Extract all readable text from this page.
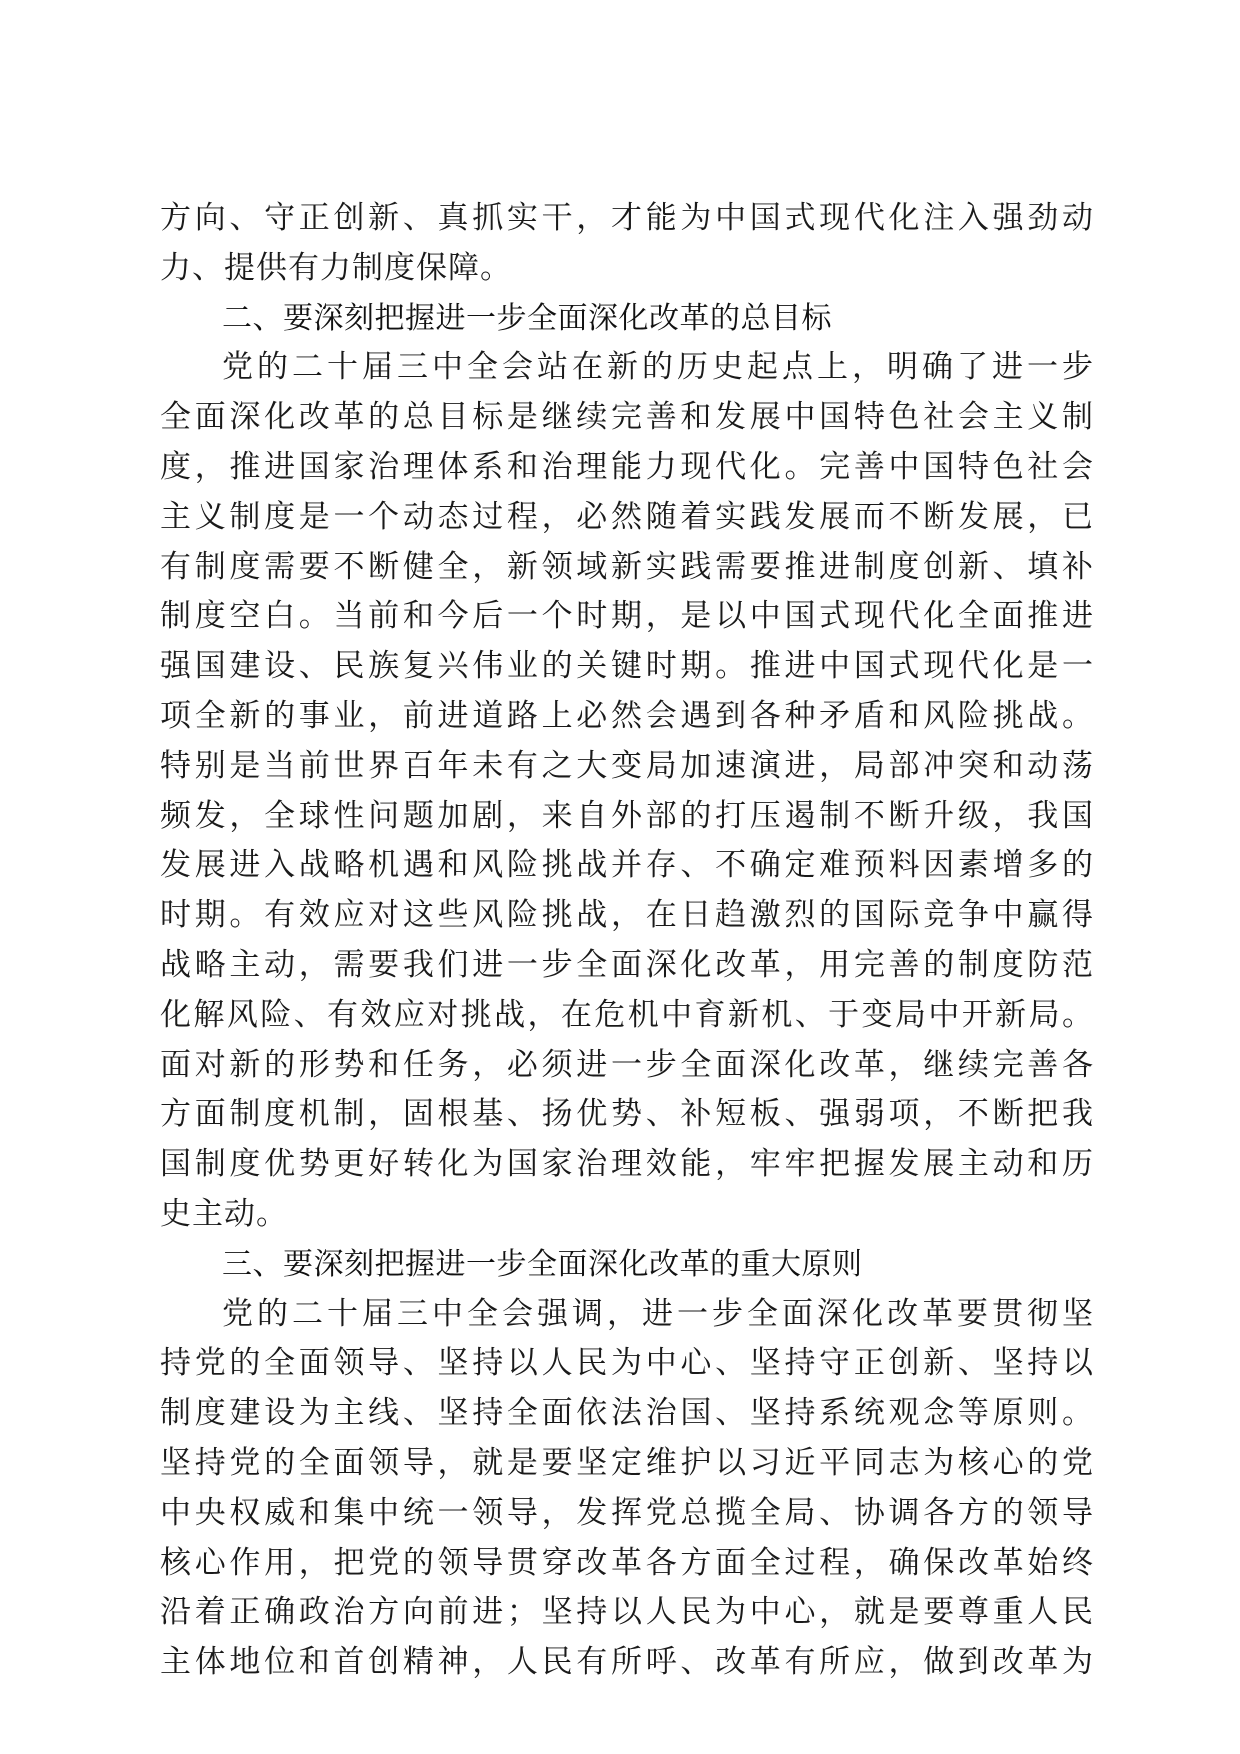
方向、守正创新、真抓实干，才能为中国式现代化注入强劲动
力、提供有力制度保障。
二、要深刻把握进一步全面深化改革的总目标
党的二十届三中全会站在新的历史起点上，明确了进一步
全面深化改革的总目标是继续完善和发展中国特色社会主义制
度，推进国家治理体系和治理能力现代化。完善中国特色社会
主义制度是一个动态过程，必然随着实践发展而不断发展，已
有制度需要不断健全，新领域新实践需要推进制度创新、填补
制度空白。当前和今后一个时期，是以中国式现代化全面推进
强国建设、民族复兴伟业的关键时期。推进中国式现代化是一
项全新的事业，前进道路上必然会遇到各种矛盾和风险挑战。
特别是当前世界百年未有之大变局加速演进，局部冲突和动荡
频发，全球性问题加剧，来自外部的打压遏制不断升级，我国
发展进入战略机遇和风险挑战并存、不确定难预料因素增多的
时期。有效应对这些风险挑战，在日趋激烈的国际竞争中赢得
战略主动，需要我们进一步全面深化改革，用完善的制度防范
化解风险、有效应对挑战，在危机中育新机、于变局中开新局。
面对新的形势和任务，必须进一步全面深化改革，继续完善各
方面制度机制，固根基、扬优势、补短板、强弱项，不断把我
国制度优势更好转化为国家治理效能，牢牢把握发展主动和历
史主动。
三、要深刻把握进一步全面深化改革的重大原则
党的二十届三中全会强调，进一步全面深化改革要贯彻坚
持党的全面领导、坚持以人民为中心、坚持守正创新、坚持以
制度建设为主线、坚持全面依法治国、坚持系统观念等原则。
坚持党的全面领导，就是要坚定维护以习近平同志为核心的党
中央权威和集中统一领导，发挥党总揽全局、协调各方的领导
核心作用，把党的领导贯穿改革各方面全过程，确保改革始终
沿着正确政治方向前进；坚持以人民为中心，就是要尊重人民
主体地位和首创精神，人民有所呼、改革有所应，做到改革为
